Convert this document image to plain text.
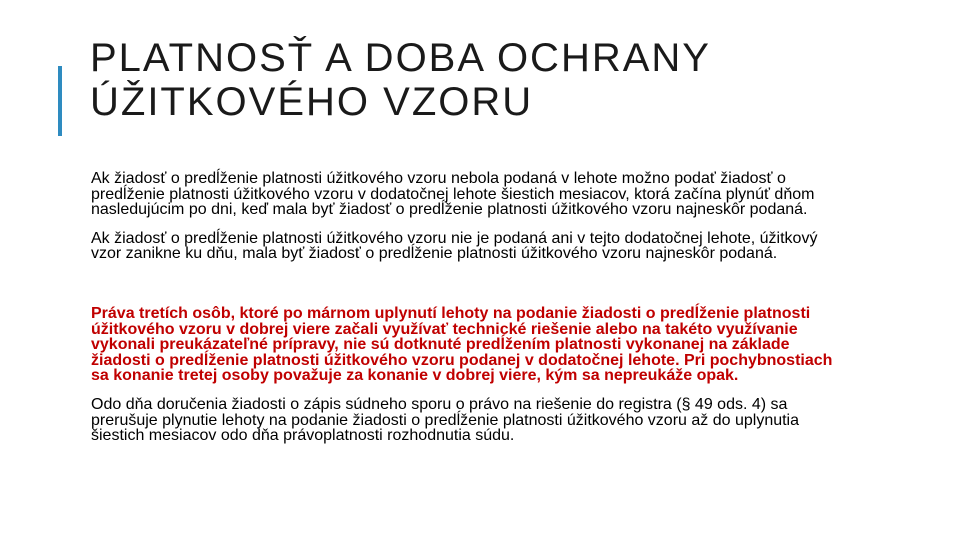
PLATNOSŤ A DOBA OCHRANY
ÚŽITKOVÉHO VZORU

Ak žiadosť o predĺženie platnosti úžitkového vzoru nebola podaná v lehote možno podať žiadosť o predĺženie platnosti úžitkového vzoru v dodatočnej lehote šiestich mesiacov, ktorá začína plynúť dňom nasledujúcim po dni, keď mala byť žiadosť o predĺženie platnosti úžitkového vzoru najneskôr podaná.

Ak žiadosť o predĺženie platnosti úžitkového vzoru nie je podaná ani v tejto dodatočnej lehote, úžitkový vzor zanikne ku dňu, mala byť žiadosť o predĺženie platnosti úžitkového vzoru najneskôr podaná.

Práva tretích osôb, ktoré po márnom uplynutí lehoty na podanie žiadosti o predĺženie platnosti úžitkového vzoru v dobrej viere začali využívať technické riešenie alebo na takéto využívanie vykonali preukázateľné prípravy, nie sú dotknuté predĺžením platnosti vykonanej na základe žiadosti o predĺženie platnosti úžitkového vzoru podanej v dodatočnej lehote. Pri pochybnostiach sa konanie tretej osoby považuje za konanie v dobrej viere, kým sa nepreukáže opak.

Odo dňa doručenia žiadosti o zápis súdneho sporu o právo na riešenie do registra (§ 49 ods. 4) sa prerušuje plynutie lehoty na podanie žiadosti o predĺženie platnosti úžitkového vzoru až do uplynutia šiestich mesiacov odo dňa právoplatnosti rozhodnutia súdu.
